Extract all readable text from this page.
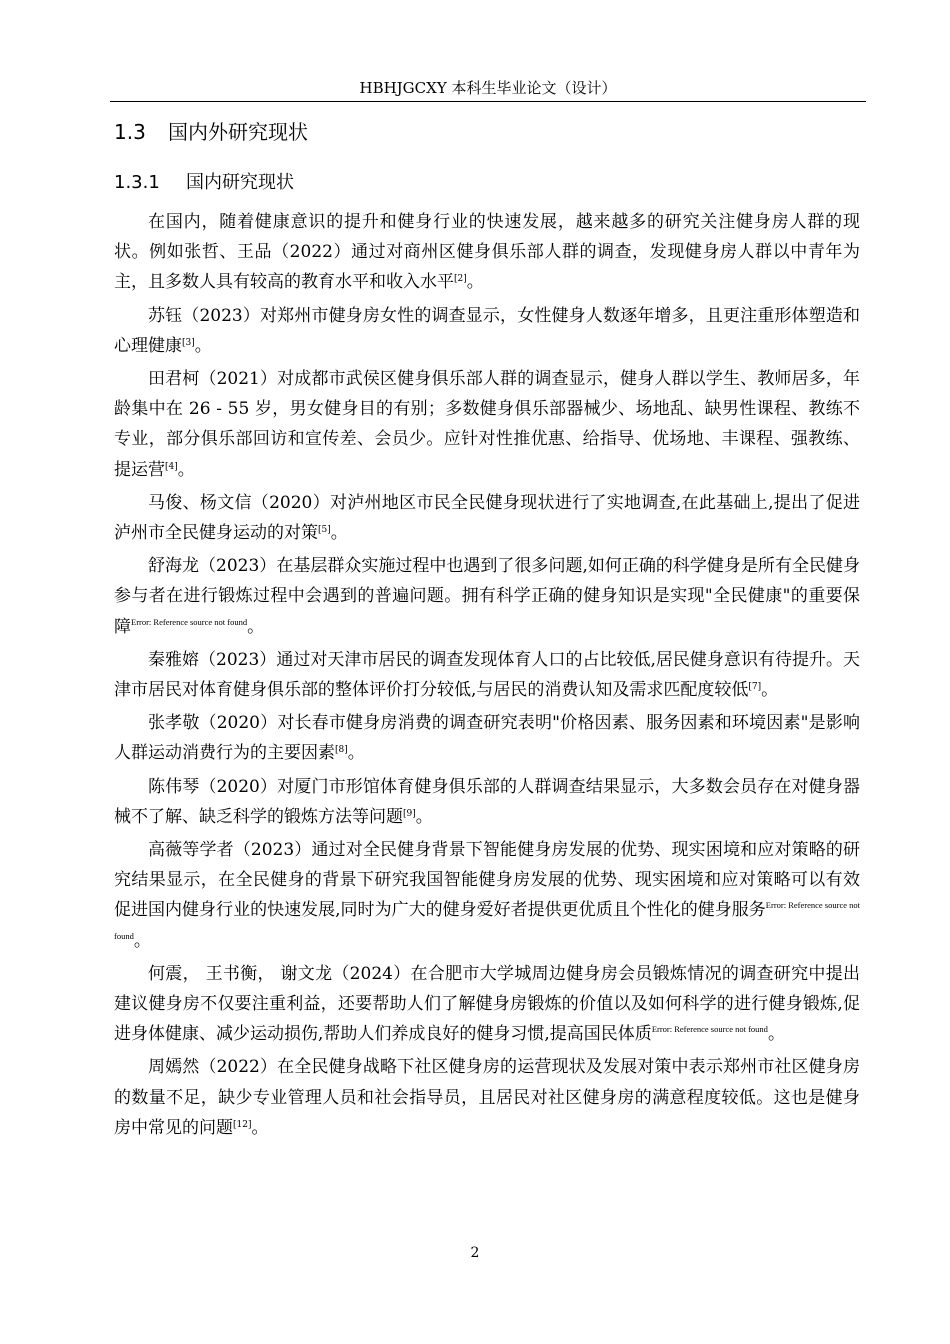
HBHJGCXY 本科生毕业论文（设计）
1.3 国内外研究现状
1.3.1 国内研究现状

在国内，随着健康意识的提升和健身行业的快速发展，越来越多的研究关注健身房人群的现状。例如张哲、王品（2022）通过对商州区健身俱乐部人群的调查，发现健身房人群以中青年为主，且多数人具有较高的教育水平和收入水平[2]。

苏钰（2023）对郑州市健身房女性的调查显示，女性健身人数逐年增多，且更注重形体塑造和心理健康[3]。

田君柯（2021）对成都市武侯区健身俱乐部人群的调查显示，健身人群以学生、教师居多，年龄集中在 26 - 55 岁，男女健身目的有别；多数健身俱乐部器械少、场地乱、缺男性课程、教练不专业，部分俱乐部回访和宣传差、会员少。应针对性推优惠、给指导、优场地、丰课程、强教练、提运营[4]。

马俊、杨文信（2020）对泸州地区市民全民健身现状进行了实地调查,在此基础上,提出了促进泸州市全民健身运动的对策[5]。

舒海龙（2023）在基层群众实施过程中也遇到了很多问题,如何正确的科学健身是所有全民健身参与者在进行锻炼过程中会遇到的普遍问题。拥有科学正确的健身知识是实现"全民健康"的重要保障$^{Error: Reference source not found}$。

秦雅嫆（2023）通过对天津市居民的调查发现体育人口的占比较低,居民健身意识有待提升。天津市居民对体育健身俱乐部的整体评价打分较低,与居民的消费认知及需求匹配度较低[7]。

张孝敬（2020）对长春市健身房消费的调查研究表明"价格因素、服务因素和环境因素"是影响人群运动消费行为的主要因素[8]。

陈伟琴（2020）对厦门市形馆体育健身俱乐部的人群调查结果显示，大多数会员存在对健身器械不了解、缺乏科学的锻炼方法等问题[9]。

高薇等学者（2023）通过对全民健身背景下智能健身房发展的优势、现实困境和应对策略的研究结果显示，在全民健身的背景下研究我国智能健身房发展的优势、现实困境和应对策略可以有效促进国内健身行业的快速发展,同时为广大的健身爱好者提供更优质且个性化的健身服务$^{Error: Reference source not found}$。

何震， 王书衡， 谢文龙（2024）在合肥市大学城周边健身房会员锻炼情况的调查研究中提出建议健身房不仅要注重利益，还要帮助人们了解健身房锻炼的价值以及如何科学的进行健身锻炼,促进身体健康、减少运动损伤,帮助人们养成良好的健身习惯,提高国民体质$^{Error: Reference source not found}$。

周嫣然（2022）在全民健身战略下社区健身房的运营现状及发展对策中表示郑州市社区健身房的数量不足，缺少专业管理人员和社会指导员，且居民对社区健身房的满意程度较低。这也是健身房中常见的问题[12]。

2
